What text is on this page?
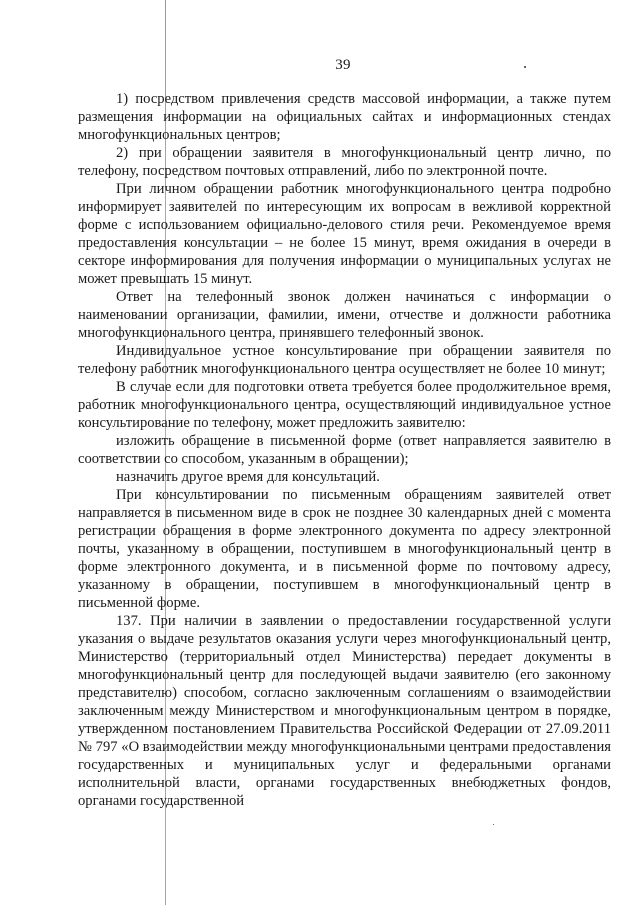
39

1) посредством привлечения средств массовой информации, а также путем размещения информации на официальных сайтах и информационных стендах многофункциональных центров;

2) при обращении заявителя в многофункциональный центр лично, по телефону, посредством почтовых отправлений, либо по электронной почте.

При личном обращении работник многофункционального центра подробно информирует заявителей по интересующим их вопросам в вежливой корректной форме с использованием официально-делового стиля речи. Рекомендуемое время предоставления консультации – не более 15 минут, время ожидания в очереди в секторе информирования для получения информации о муниципальных услугах не может превышать 15 минут.

Ответ на телефонный звонок должен начинаться с информации о наименовании организации, фамилии, имени, отчестве и должности работника многофункционального центра, принявшего телефонный звонок.

Индивидуальное устное консультирование при обращении заявителя по телефону работник многофункционального центра осуществляет не более 10 минут;

В случае если для подготовки ответа требуется более продолжительное время, работник многофункционального центра, осуществляющий индивидуальное устное консультирование по телефону, может предложить заявителю:

изложить обращение в письменной форме (ответ направляется заявителю в соответствии со способом, указанным в обращении);

назначить другое время для консультаций.

При консультировании по письменным обращениям заявителей ответ направляется в письменном виде в срок не позднее 30 календарных дней с момента регистрации обращения в форме электронного документа по адресу электронной почты, указанному в обращении, поступившем в многофункциональный центр в форме электронного документа, и в письменной форме по почтовому адресу, указанному в обращении, поступившем в многофункциональный центр в письменной форме.

137. При наличии в заявлении о предоставлении государственной услуги указания о выдаче результатов оказания услуги через многофункциональный центр, Министерство (территориальный отдел Министерства) передает документы в многофункциональный центр для последующей выдачи заявителю (его законному представителю) способом, согласно заключенным соглашениям о взаимодействии заключенным между Министерством и многофункциональным центром в порядке, утвержденном постановлением Правительства Российской Федерации от 27.09.2011 № 797 «О взаимодействии между многофункциональными центрами предоставления государственных и муниципальных услуг и федеральными органами исполнительной власти, органами государственных внебюджетных фондов, органами государственной
